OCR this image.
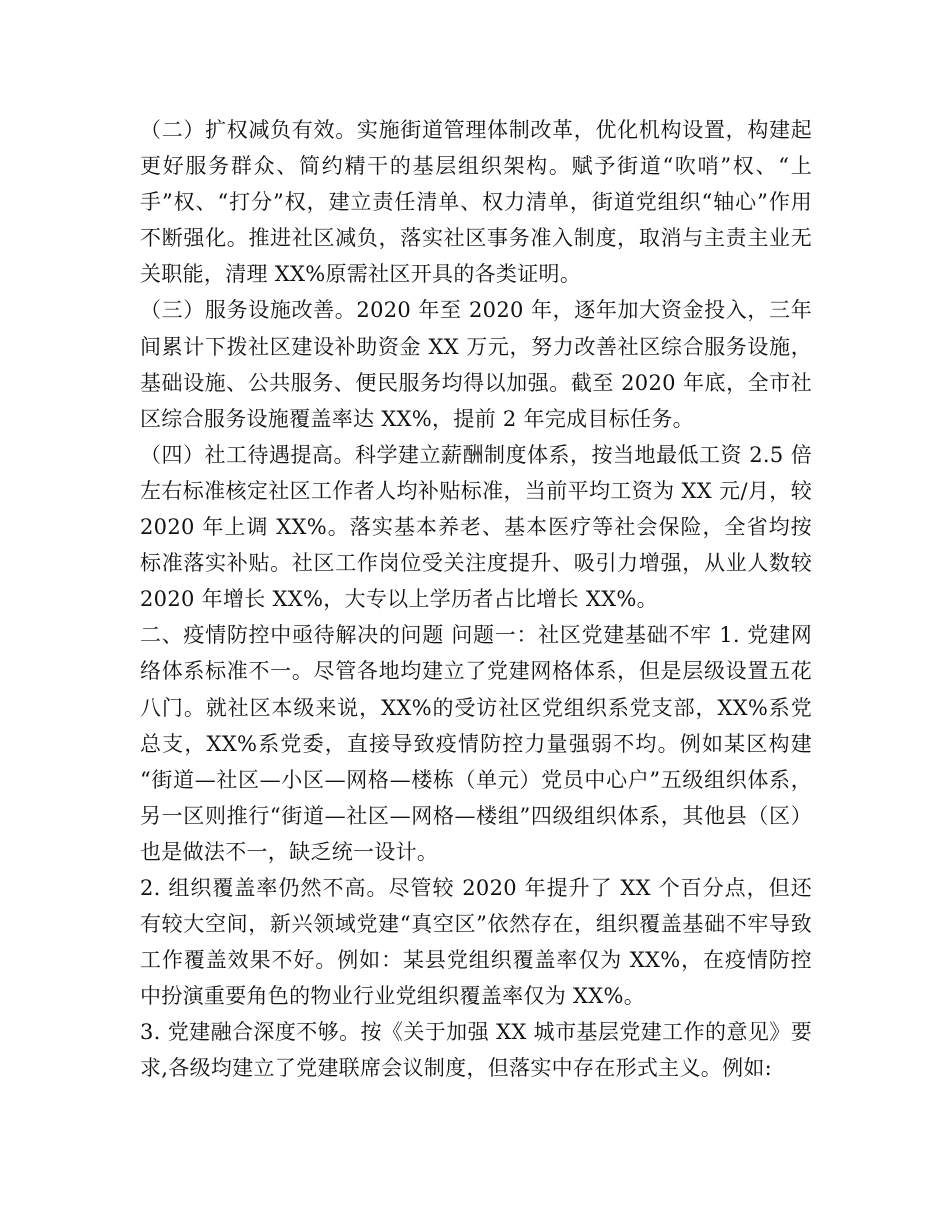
（二）扩权减负有效。实施街道管理体制改革，优化机构设置，构建起更好服务群众、简约精干的基层组织架构。赋予街道“吹哨”权、“上手”权、“打分”权，建立责任清单、权力清单，街道党组织“轴心”作用不断强化。推进社区减负，落实社区事务准入制度，取消与主责主业无关职能，清理 XX%原需社区开具的各类证明。

（三）服务设施改善。2020 年至 2020 年，逐年加大资金投入，三年间累计下拨社区建设补助资金 XX 万元，努力改善社区综合服务设施，基础设施、公共服务、便民服务均得以加强。截至 2020 年底，全市社区综合服务设施覆盖率达 XX%，提前 2 年完成目标任务。

（四）社工待遇提高。科学建立薪酬制度体系，按当地最低工资 2.5 倍左右标准核定社区工作者人均补贴标准，当前平均工资为 XX 元/月，较 2020 年上调 XX%。落实基本养老、基本医疗等社会保险，全省均按标准落实补贴。社区工作岗位受关注度提升、吸引力增强，从业人数较 2020 年增长 XX%，大专以上学历者占比增长 XX%。

二、疫情防控中亟待解决的问题 问题一：社区党建基础不牢 1. 党建网络体系标准不一。尽管各地均建立了党建网格体系，但是层级设置五花八门。就社区本级来说，XX%的受访社区党组织系党支部，XX%系党总支，XX%系党委，直接导致疫情防控力量强弱不均。例如某区构建 “街道—社区—小区—网格—楼栋（单元）党员中心户”五级组织体系，另一区则推行“街道—社区—网格—楼组”四级组织体系，其他县（区）也是做法不一，缺乏统一设计。

2. 组织覆盖率仍然不高。尽管较 2020 年提升了 XX 个百分点，但还有较大空间，新兴领域党建“真空区”依然存在，组织覆盖基础不牢导致工作覆盖效果不好。例如：某县党组织覆盖率仅为 XX%，在疫情防控中扮演重要角色的物业行业党组织覆盖率仅为 XX%。

3. 党建融合深度不够。按《关于加强 XX 城市基层党建工作的意见》要求,各级均建立了党建联席会议制度，但落实中存在形式主义。例如:
